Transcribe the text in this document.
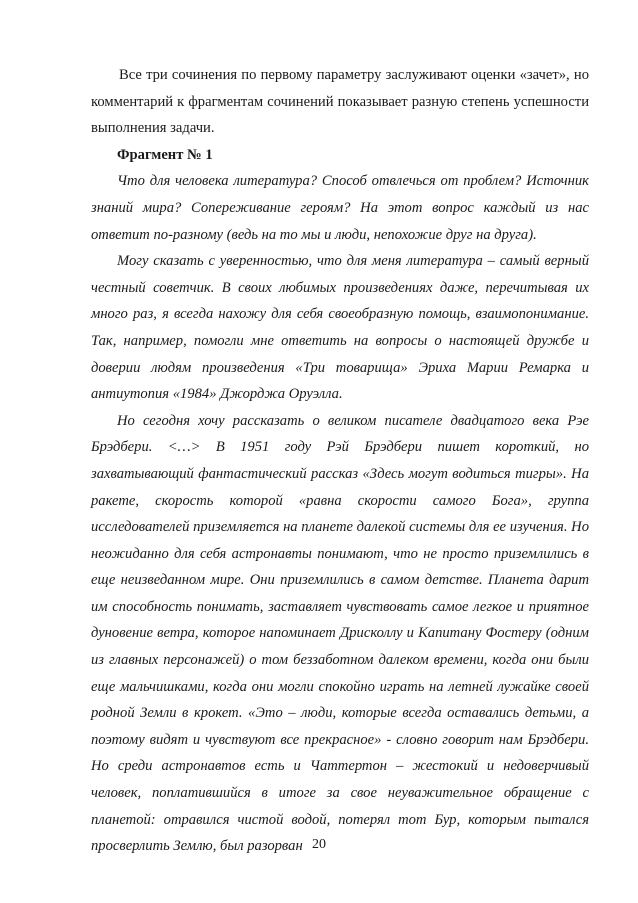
Все три сочинения по первому параметру заслуживают оценки «зачет», но комментарий к фрагментам сочинений показывает разную степень успешности выполнения задачи.

Фрагмент № 1

Что для человека литература? Способ отвлечься от проблем? Источник знаний мира? Сопереживание героям? На этот вопрос каждый из нас ответит по-разному (ведь на то мы и люди, непохожие друг на друга).

Могу сказать с уверенностью, что для меня литература – самый верный честный советчик. В своих любимых произведениях даже, перечитывая их много раз, я всегда нахожу для себя своеобразную помощь, взаимопонимание. Так, например, помогли мне ответить на вопросы о настоящей дружбе и доверии людям произведения «Три товарища» Эриха Марии Ремарка и антиутопия «1984» Джорджа Оруэлла.

Но сегодня хочу рассказать о великом писателе двадцатого века Рэе Брэдбери. <…> В 1951 году Рэй Брэдбери пишет короткий, но захватывающий фантастический рассказ «Здесь могут водиться тигры». На ракете, скорость которой «равна скорости самого Бога», группа исследователей приземляется на планете далекой системы для ее изучения. Но неожиданно для себя астронавты понимают, что не просто приземлились в еще неизведанном мире. Они приземлились в самом детстве. Планета дарит им способность понимать, заставляет чувствовать самое легкое и приятное дуновение ветра, которое напоминает Дрисколлу и Капитану Фостеру (одним из главных персонажей) о том беззаботном далеком времени, когда они были еще мальчишками, когда они могли спокойно играть на летней лужайке своей родной Земли в крокет. «Это – люди, которые всегда оставались детьми, а поэтому видят и чувствуют все прекрасное» - словно говорит нам Брэдбери. Но среди астронавтов есть и Чаттертон – жестокий и недоверчивый человек, поплатившийся в итоге за свое неуважительное обращение с планетой: отравился чистой водой, потерял тот Бур, которым пытался просверлить Землю, был разорван 20
